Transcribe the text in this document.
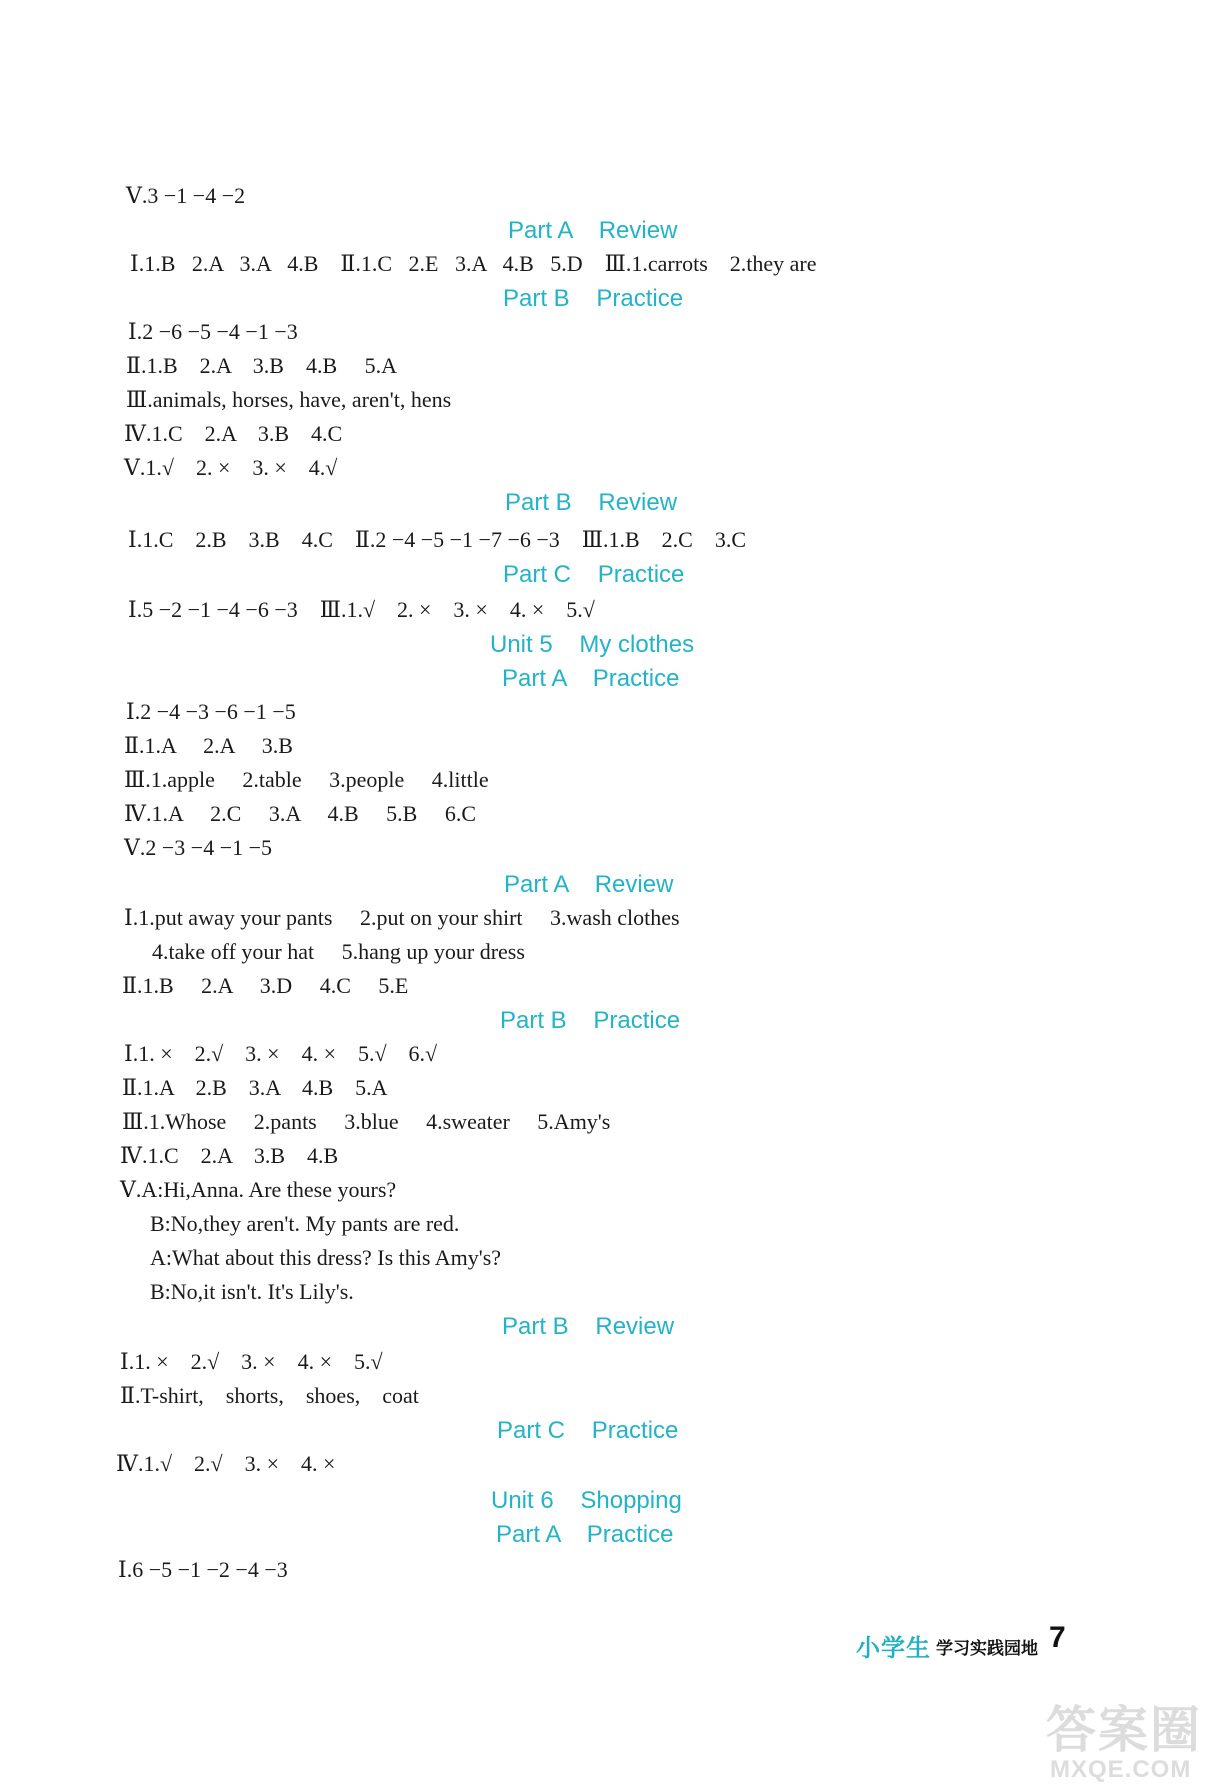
Ⅴ.3 −1 −4 −2
Part A    Review
Ⅰ.1.B   2.A   3.A   4.B    Ⅱ.1.C   2.E   3.A   4.B   5.D    Ⅲ.1.carrots    2.they are
Part B    Practice
Ⅰ.2 −6 −5 −4 −1 −3
Ⅱ.1.B    2.A    3.B    4.B     5.A
Ⅲ.animals, horses, have, aren't, hens
Ⅳ.1.C    2.A    3.B    4.C
Ⅴ.1.√    2. ×    3. ×    4.√
Part B    Review
Ⅰ.1.C    2.B    3.B    4.C    Ⅱ.2 −4 −5 −1 −7 −6 −3    Ⅲ.1.B    2.C    3.C
Part C    Practice
Ⅰ.5 −2 −1 −4 −6 −3    Ⅲ.1.√    2. ×    3. ×    4. ×    5.√
Unit 5    My clothes
Part A    Practice
Ⅰ.2 −4 −3 −6 −1 −5
Ⅱ.1.A     2.A     3.B
Ⅲ.1.apple     2.table     3.people     4.little
Ⅳ.1.A     2.C     3.A     4.B     5.B     6.C
Ⅴ.2 −3 −4 −1 −5
Part A    Review
Ⅰ.1.put away your pants     2.put on your shirt     3.wash clothes
4.take off your hat     5.hang up your dress
Ⅱ.1.B     2.A     3.D     4.C     5.E
Part B    Practice
Ⅰ.1. ×    2.√    3. ×    4. ×    5.√    6.√
Ⅱ.1.A    2.B    3.A    4.B    5.A
Ⅲ.1.Whose     2.pants     3.blue     4.sweater     5.Amy's
Ⅳ.1.C    2.A    3.B    4.B
Ⅴ.A:Hi,Anna. Are these yours?
B:No,they aren't. My pants are red.
A:What about this dress? Is this Amy's?
B:No,it isn't. It's Lily's.
Part B    Review
Ⅰ.1. ×    2.√    3. ×    4. ×    5.√
Ⅱ.T-shirt,    shorts,    shoes,    coat
Part C    Practice
Ⅳ.1.√    2.√    3. ×    4. ×
Unit 6    Shopping
Part A    Practice
Ⅰ.6 −5 −1 −2 −4 −3
小学生 学习实践园地 7
答案圈
MXQE.COM
